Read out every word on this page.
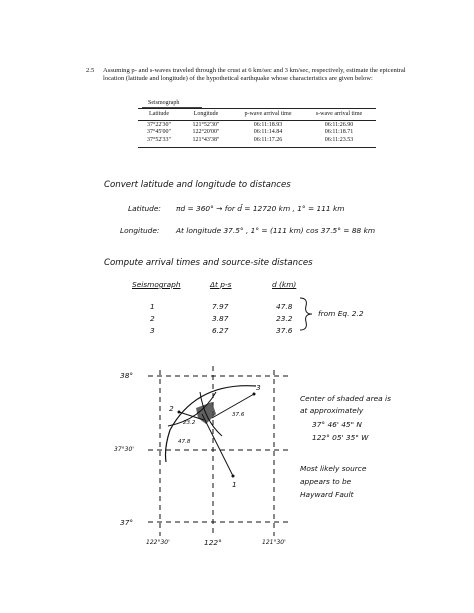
2.5 Assuming p- and s-waves traveled through the crust at 6 km/sec and 3 km/sec, respectively, estimate the epicentral location (latitude and longitude) of the hypothetical earthquake whose characteristics are given below:
Seismograph
Latitude	Longitude	p-wave arrival time	s-wave arrival time

37°22'30"	121°52'30"	06:11:18.93	06:11:26.90
37°45'00"	122°20'00"	06:11:14.84	06:11:18.71
37°52'33"	121°43'38"	06:11:17.26	06:11:23.53
Convert latitude and longitude to distances
Latitude: πd = 360° → for d̄ = 12720 km , 1° = 111 km
Longitude: At longitude 37.5° , 1° = (111 km) cos 37.5° = 88 km
Compute arrival times and source-site distances
Seismograph	Δt p-s	d (km)
1	7.97	47.8
2	3.87	23.2
3	6.27	37.6
from Eq. 2.2
38°
37°30'
37°
122°30'	122°	121°30'
1
2
3
23.2
47.8
37.6
Center of shaded area is
at approximately
37° 46' 45" N
122° 05' 35" W
Most likely source
appears to be
Hayward Fault
